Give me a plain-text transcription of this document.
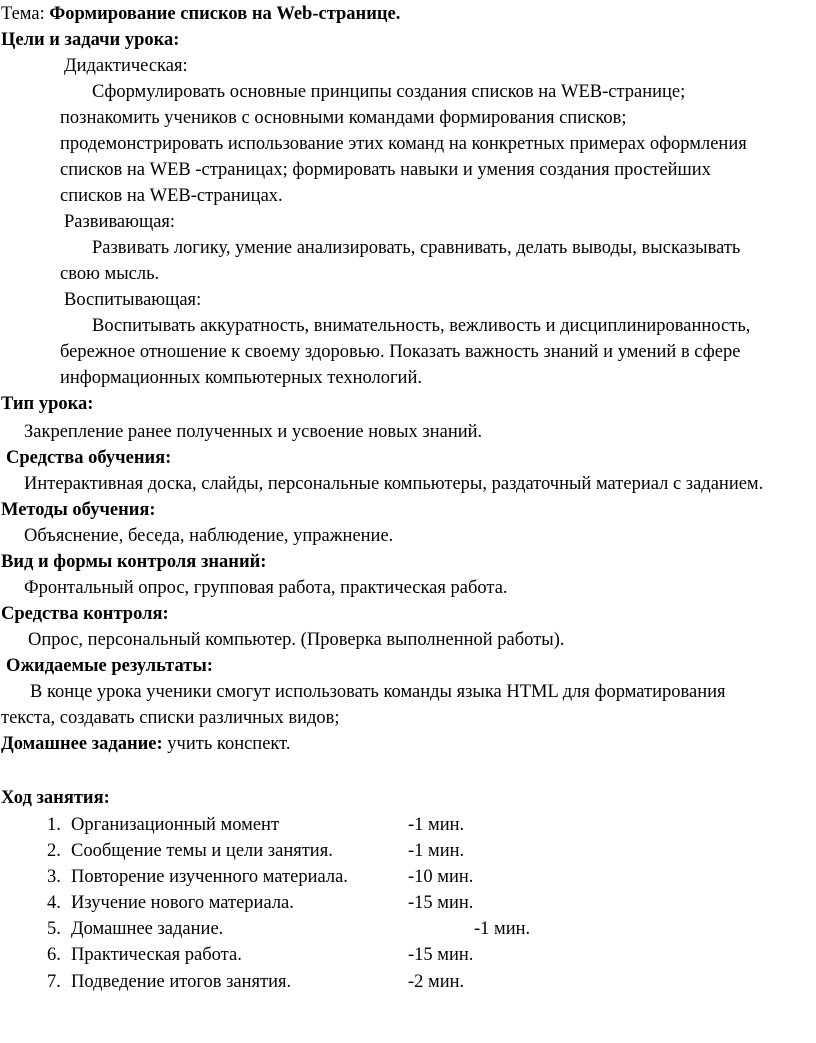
Тема: Формирование списков на Web-странице.
Цели и задачи урока:
Дидактическая:
Сформулировать основные принципы создания списков на WEB-странице;
познакомить учеников с основными командами формирования списков;
продемонстрировать использование этих команд на конкретных примерах оформления
списков на WEB -страницах; формировать навыки и умения создания простейших
списков на WEB-страницах.
Развивающая:
Развивать логику, умение анализировать, сравнивать, делать выводы, высказывать
свою мысль.
Воспитывающая:
Воспитывать аккуратность, внимательность, вежливость и дисциплинированность,
бережное отношение к своему здоровью. Показать важность знаний и умений в сфере
информационных компьютерных технологий.
Тип урока:
Закрепление ранее полученных и усвоение новых знаний.
Средства обучения:
Интерактивная доска, слайды, персональные компьютеры, раздаточный материал с заданием.
Методы обучения:
Объяснение, беседа, наблюдение, упражнение.
Вид и формы контроля знаний:
Фронтальный опрос, групповая работа, практическая работа.
Средства контроля:
Опрос, персональный компьютер. (Проверка выполненной работы).
Ожидаемые результаты:
В конце урока ученики смогут использовать команды языка HTML для форматирования
текста, создавать списки различных видов;
Домашнее задание: учить конспект.
Ход занятия:
1. Организационный момент	-1 мин.
2. Сообщение темы и цели занятия.	-1 мин.
3. Повторение изученного материала.	-10 мин.
4. Изучение нового материала.	-15 мин.
5. Домашнее задание.	-1 мин.
6. Практическая работа.	-15 мин.
7. Подведение итогов занятия.	-2 мин.
